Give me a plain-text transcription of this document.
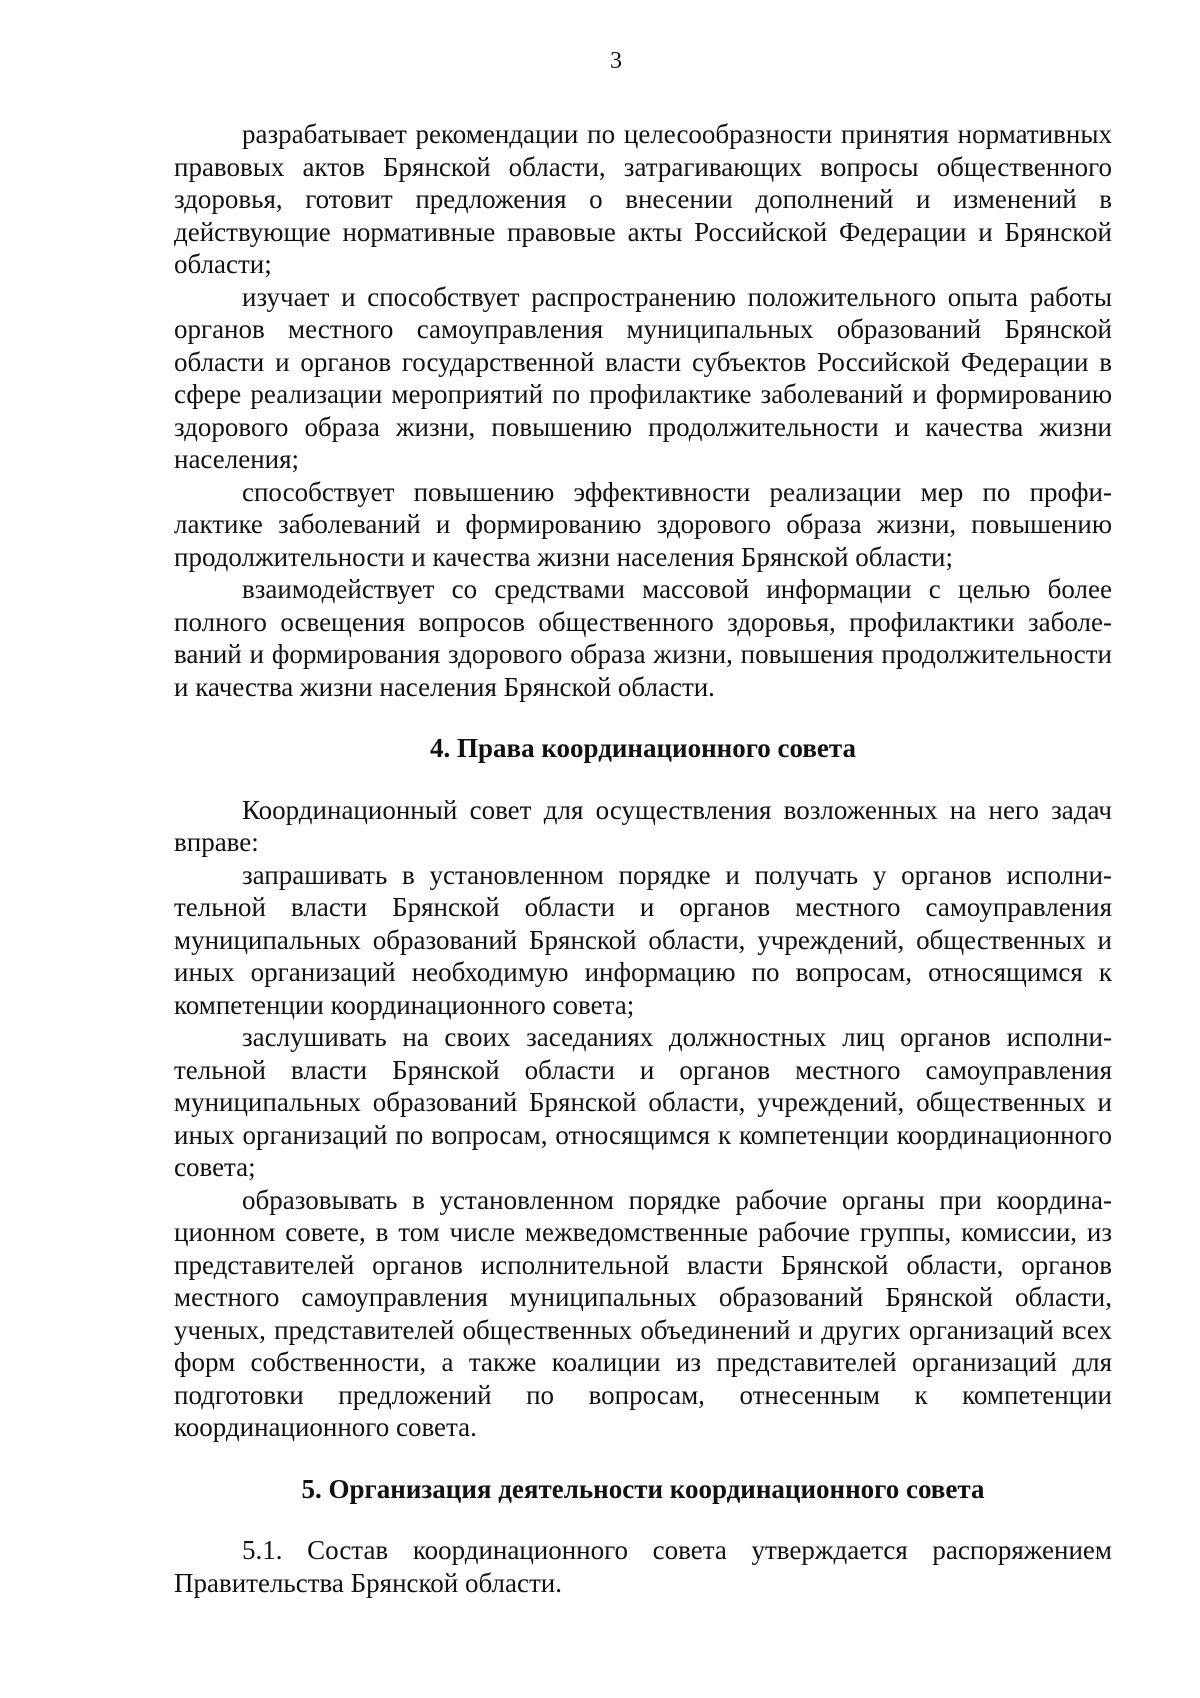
3

разрабатывает рекомендации по целесообразности принятия нормативных правовых актов Брянской области, затрагивающих вопросы общественного здоровья, готовит предложения о внесении дополнений и изменений в действующие нормативные правовые акты Российской Федерации и Брянской области;

изучает и способствует распространению положительного опыта работы органов местного самоуправления муниципальных образований Брянской области и органов государственной власти субъектов Российской Федерации в сфере реализации мероприятий по профилактике заболеваний и формированию здорового образа жизни, повышению продолжительности и качества жизни населения;

способствует повышению эффективности реализации мер по профилактике заболеваний и формированию здорового образа жизни, повышению продолжительности и качества жизни населения Брянской области;

взаимодействует со средствами массовой информации с целью более полного освещения вопросов общественного здоровья, профилактики заболеваний и формирования здорового образа жизни, повышения продолжительности и качества жизни населения Брянской области.

4. Права координационного совета

Координационный совет для осуществления возложенных на него задач вправе:

запрашивать в установленном порядке и получать у органов исполнительной власти Брянской области и органов местного самоуправления муниципальных образований Брянской области, учреждений, общественных и иных организаций необходимую информацию по вопросам, относящимся к компетенции координационного совета;

заслушивать на своих заседаниях должностных лиц органов исполнительной власти Брянской области и органов местного самоуправления муниципальных образований Брянской области, учреждений, общественных и иных организаций по вопросам, относящимся к компетенции координационного совета;

образовывать в установленном порядке рабочие органы при координационном совете, в том числе межведомственные рабочие группы, комиссии, из представителей органов исполнительной власти Брянской области, органов местного самоуправления муниципальных образований Брянской области, ученых, представителей общественных объединений и других организаций всех форм собственности, а также коалиции из представителей организаций для подготовки предложений по вопросам, отнесенным к компетенции координационного совета.

5. Организация деятельности координационного совета

5.1. Состав координационного совета утверждается распоряжением Правительства Брянской области.
